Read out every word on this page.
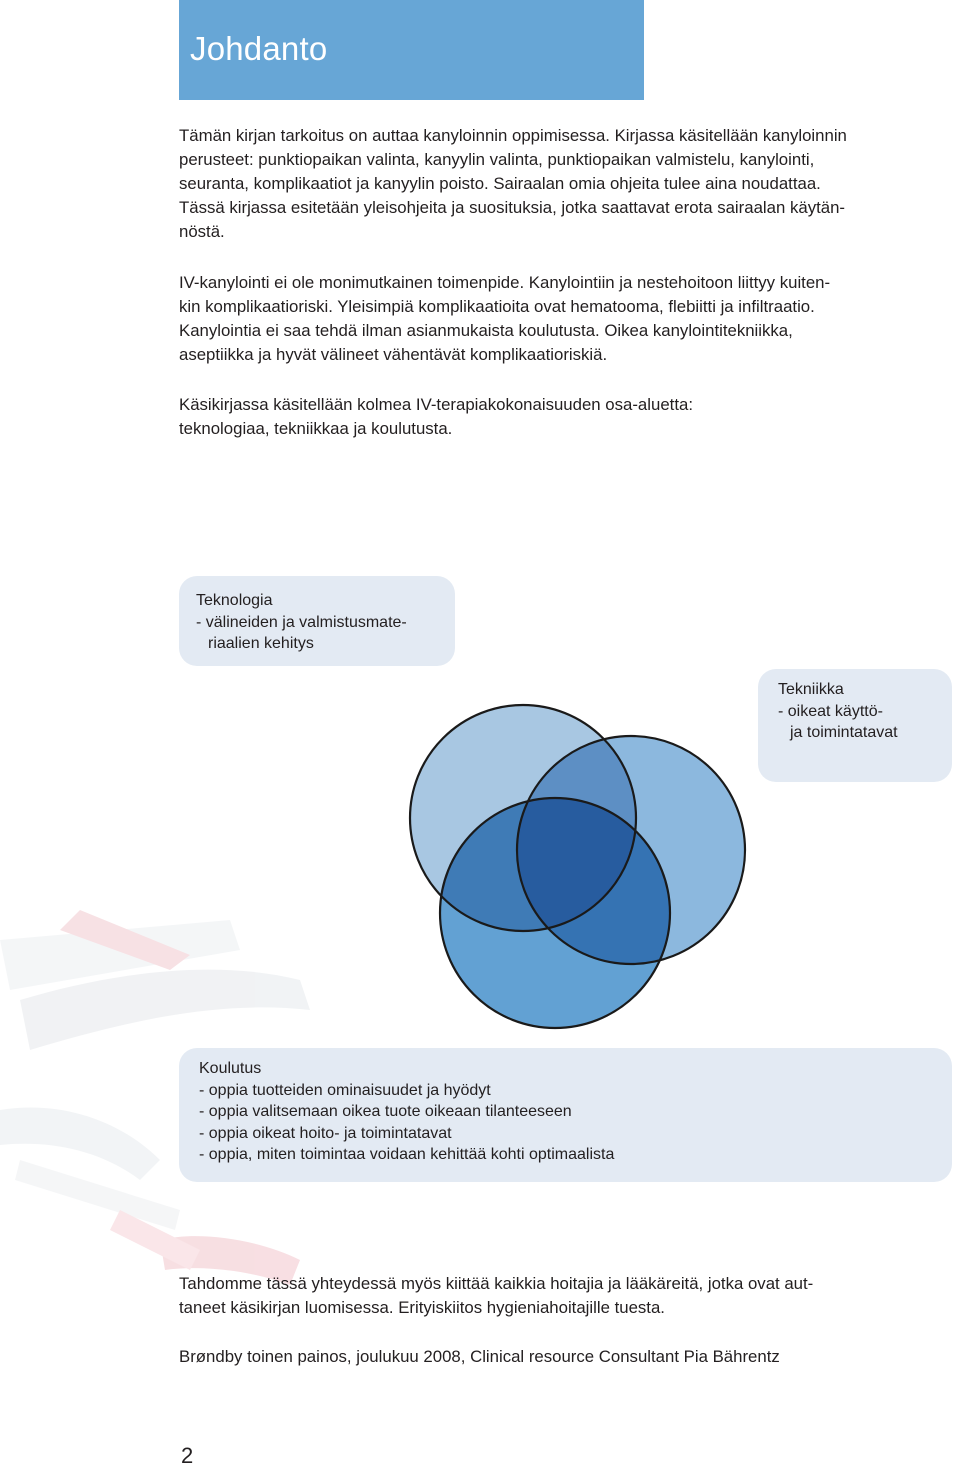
Johdanto

Tämän kirjan tarkoitus on auttaa kanyloinnin oppimisessa. Kirjassa käsitellään kanyloinnin
perusteet: punktiopaikan valinta, kanyylin valinta, punktiopaikan valmistelu, kanylointi,
seuranta, komplikaatiot ja kanyylin poisto. Sairaalan omia ohjeita tulee aina noudattaa.
Tässä kirjassa esitetään yleisohjeita ja suosituksia, jotka saattavat erota sairaalan käytän-
nöstä.

IV-kanylointi ei ole monimutkainen toimenpide. Kanylointiin ja nestehoitoon liittyy kuiten-
kin komplikaatioriski. Yleisimpiä komplikaatioita ovat hematooma, flebiitti ja infiltraatio.
Kanylointia ei saa tehdä ilman asianmukaista koulutusta. Oikea kanylointitekniikka,
aseptiikka ja hyvät välineet vähentävät komplikaatioriskiä.

Käsikirjassa käsitellään kolmea IV-terapiakokonaisuuden osa-aluetta:
teknologiaa, tekniikkaa ja koulutusta.

Teknologia
- välineiden ja valmistusmate-
riaalien kehitys
Tekniikka
- oikeat käyttö-
ja toimintatavat
Koulutus
- oppia tuotteiden ominaisuudet ja hyödyt
- oppia valitsemaan oikea tuote oikeaan tilanteeseen
- oppia oikeat hoito- ja toimintatavat
- oppia, miten toimintaa voidaan kehittää kohti optimaalista

Tahdomme tässä yhteydessä myös kiittää kaikkia hoitajia ja lääkäreitä, jotka ovat aut-
taneet käsikirjan luomisessa. Erityiskiitos hygieniahoitajille tuesta.

Brøndby toinen painos, joulukuu 2008, Clinical resource Consultant Pia Bährentz

2
